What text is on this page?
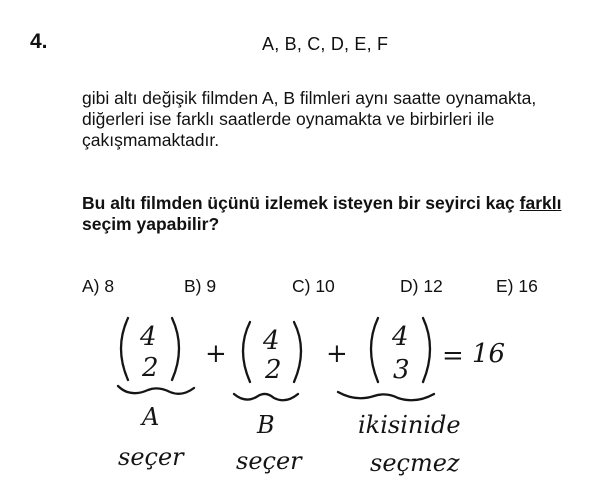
4.	A, B, C, D, E, F
gibi altı değişik filmden A, B filmleri aynı saatte oynamakta, diğerleri ise farklı saatlerde oynamakta ve birbirleri ile çakışmamaktadır.
Bu altı filmden üçünü izlemek isteyen bir seyirci kaç farklı seçim yapabilir?
A) 8	B) 9	C) 10	D) 12	E) 16
4
2 + 4
2
+
4
3 = 16
A	B	ikisinide
seçer seçer	seçmez
